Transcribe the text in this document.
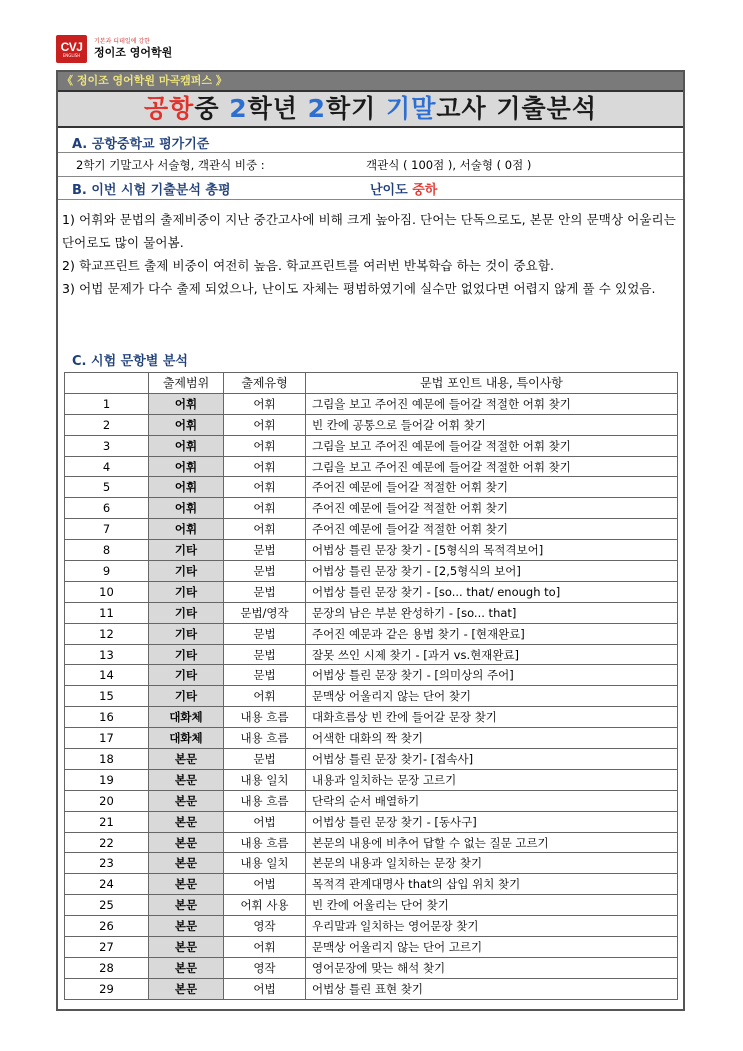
CVJ
ENGLISH
기본과 디테일에 강한
정이조 영어학원
《 정이조 영어학원 마곡캠퍼스 》
공항중 2학년 2학기 기말고사 기출분석
A. 공항중학교 평가기준
2학기 기말고사 서술형, 객관식 비중 :	객관식 ( 100점 ), 서술형 ( 0점 )
B. 이번 시험 기출분석 총평	난이도 중하

1) 어휘와 문법의 출제비중이 지난 중간고사에 비해 크게 높아짐. 단어는 단독으로도, 본문 안의 문맥상 어울리는 단어로도 많이 물어봄.

2) 학교프린트 출제 비중이 여전히 높음. 학교프린트를 여러번 반복학습 하는 것이 중요함.

3) 어법 문제가 다수 출제 되었으나, 난이도 자체는 평범하였기에 실수만 없었다면 어렵지 않게 풀 수 있었음.

C. 시험 문항별 분석
	출제범위	출제유형	문법 포인트 내용, 특이사항
1	어휘	어휘	그림을 보고 주어진 예문에 들어갈 적절한 어휘 찾기
2	어휘	어휘	빈 칸에 공통으로 들어갈 어휘 찾기
3	어휘	어휘	그림을 보고 주어진 예문에 들어갈 적절한 어휘 찾기
4	어휘	어휘	그림을 보고 주어진 예문에 들어갈 적절한 어휘 찾기
5	어휘	어휘	주어진 예문에 들어갈 적절한 어휘 찾기
6	어휘	어휘	주어진 예문에 들어갈 적절한 어휘 찾기
7	어휘	어휘	주어진 예문에 들어갈 적절한 어휘 찾기
8	기타	문법	어법상 틀린 문장 찾기 - [5형식의 목적격보어]
9	기타	문법	어법상 틀린 문장 찾기 - [2,5형식의 보어]
10	기타	문법	어법상 틀린 문장 찾기 - [so... that/ enough to]
11	기타	문법/영작	문장의 남은 부분 완성하기 - [so... that]
12	기타	문법	주어진 예문과 같은 용법 찾기 - [현재완료]
13	기타	문법	잘못 쓰인 시제 찾기 - [과거 vs.현재완료]
14	기타	문법	어법상 틀린 문장 찾기 - [의미상의 주어]
15	기타	어휘	문맥상 어울리지 않는 단어 찾기
16	대화체	내용 흐름	대화흐름상 빈 칸에 들어갈 문장 찾기
17	대화체	내용 흐름	어색한 대화의 짝 찾기
18	본문	문법	어법상 틀린 문장 찾기- [접속사]
19	본문	내용 일치	내용과 일치하는 문장 고르기
20	본문	내용 흐름	단락의 순서 배열하기
21	본문	어법	어법상 틀린 문장 찾기 - [동사구]
22	본문	내용 흐름	본문의 내용에 비추어 답할 수 없는 질문 고르기
23	본문	내용 일치	본문의 내용과 일치하는 문장 찾기
24	본문	어법	목적격 관계대명사 that의 삽입 위치 찾기
25	본문	어휘 사용	빈 칸에 어울리는 단어 찾기
26	본문	영작	우리말과 일치하는 영어문장 찾기
27	본문	어휘	문맥상 어울리지 않는 단어 고르기
28	본문	영작	영어문장에 맞는 해석 찾기
29	본문	어법	어법상 틀린 표현 찾기
